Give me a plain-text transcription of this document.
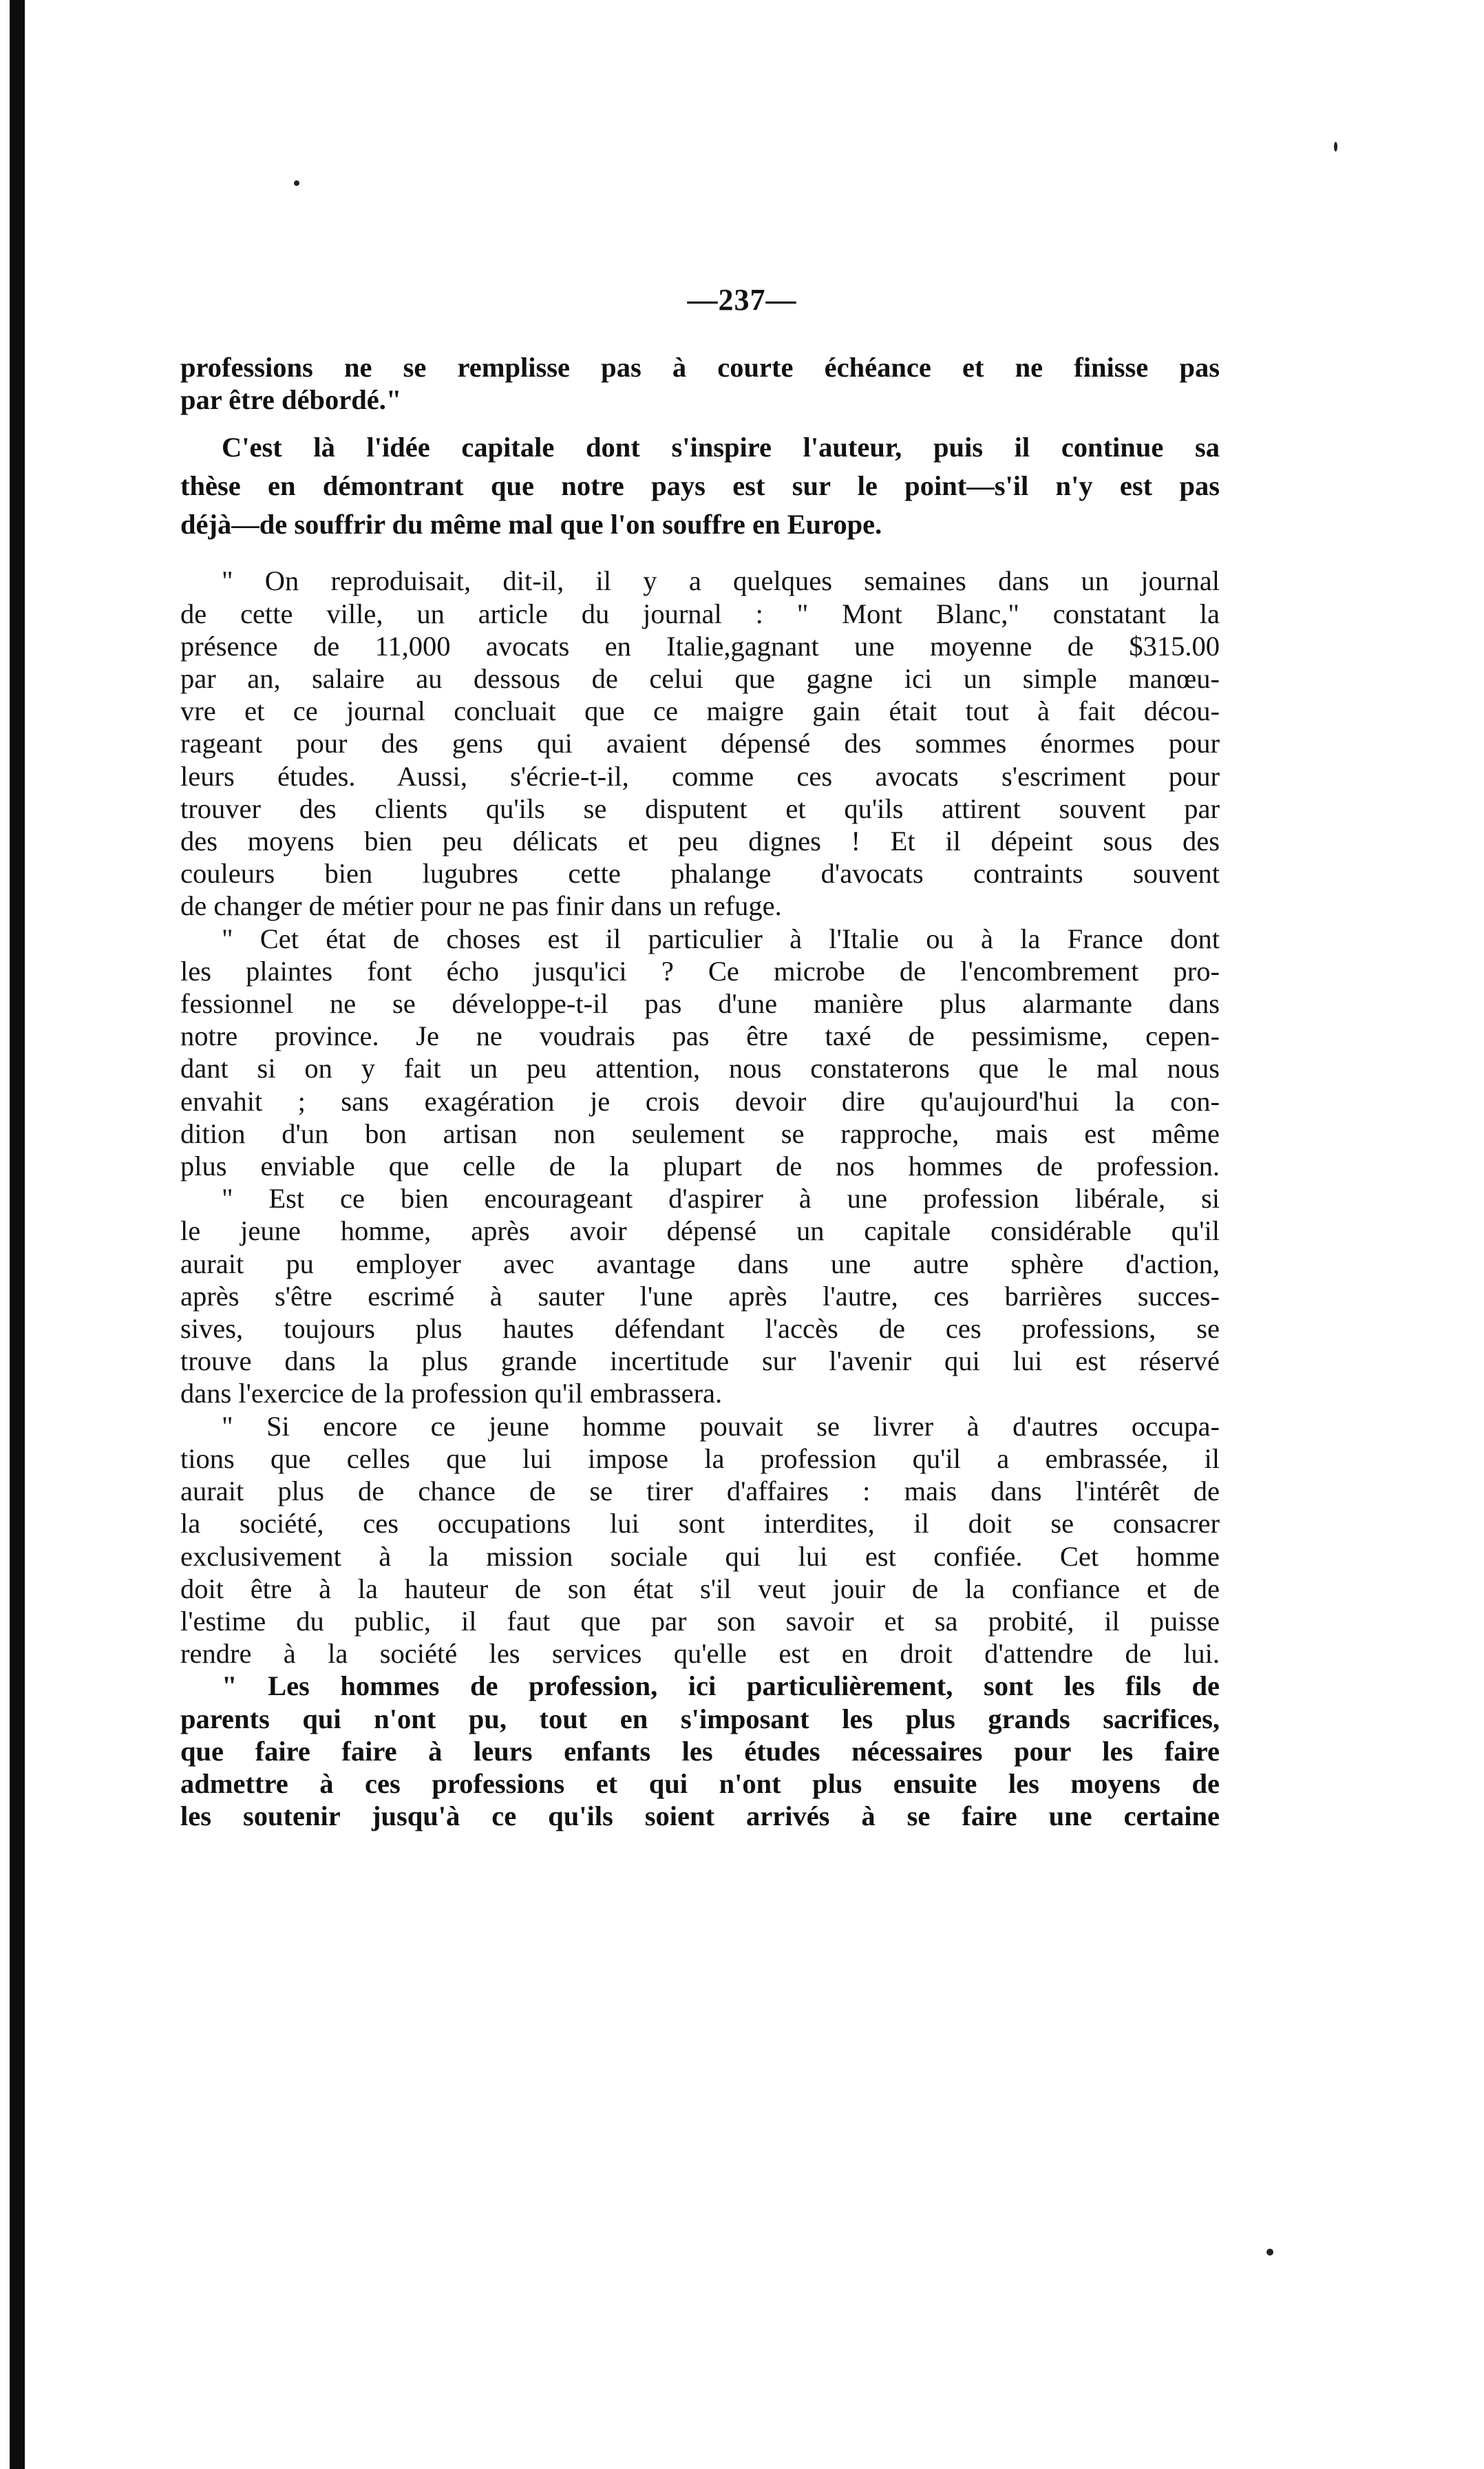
—237—

professions ne se remplisse pas à courte échéance et ne finisse pas
par être débordé."

C'est là l'idée capitale dont s'inspire l'auteur, puis il continue sa
thèse en démontrant que notre pays est sur le point—s'il n'y est pas
déjà—de souffrir du même mal que l'on souffre en Europe.

" On reproduisait, dit-il, il y a quelques semaines dans un journal
de cette ville, un article du journal : " Mont Blanc," constatant la
présence de 11,000 avocats en Italie,gagnant une moyenne de $315.00
par an, salaire au dessous de celui que gagne ici un simple manœu-
vre et ce journal concluait que ce maigre gain était tout à fait décou-
rageant pour des gens qui avaient dépensé des sommes énormes pour
leurs études. Aussi, s'écrie-t-il, comme ces avocats s'escriment pour
trouver des clients qu'ils se disputent et qu'ils attirent souvent par
des moyens bien peu délicats et peu dignes ! Et il dépeint sous des
couleurs bien lugubres cette phalange d'avocats contraints souvent
de changer de métier pour ne pas finir dans un refuge.

" Cet état de choses est il particulier à l'Italie ou à la France dont
les plaintes font écho jusqu'ici ? Ce microbe de l'encombrement pro-
fessionnel ne se développe-t-il pas d'une manière plus alarmante dans
notre province. Je ne voudrais pas être taxé de pessimisme, cepen-
dant si on y fait un peu attention, nous constaterons que le mal nous
envahit ; sans exagération je crois devoir dire qu'aujourd'hui la con-
dition d'un bon artisan non seulement se rapproche, mais est même
plus enviable que celle de la plupart de nos hommes de profession.

" Est ce bien encourageant d'aspirer à une profession libérale, si
le jeune homme, après avoir dépensé un capitale considérable qu'il
aurait pu employer avec avantage dans une autre sphère d'action,
après s'être escrimé à sauter l'une après l'autre, ces barrières succes-
sives, toujours plus hautes défendant l'accès de ces professions, se
trouve dans la plus grande incertitude sur l'avenir qui lui est réservé
dans l'exercice de la profession qu'il embrassera.

" Si encore ce jeune homme pouvait se livrer à d'autres occupa-
tions que celles que lui impose la profession qu'il a embrassée, il
aurait plus de chance de se tirer d'affaires : mais dans l'intérêt de
la société, ces occupations lui sont interdites, il doit se consacrer
exclusivement à la mission sociale qui lui est confiée. Cet homme
doit être à la hauteur de son état s'il veut jouir de la confiance et de
l'estime du public, il faut que par son savoir et sa probité, il puisse
rendre à la société les services qu'elle est en droit d'attendre de lui.

" Les hommes de profession, ici particulièrement, sont les fils de
parents qui n'ont pu, tout en s'imposant les plus grands sacrifices,
que faire faire à leurs enfants les études nécessaires pour les faire
admettre à ces professions et qui n'ont plus ensuite les moyens de
les soutenir jusqu'à ce qu'ils soient arrivés à se faire une certaine
